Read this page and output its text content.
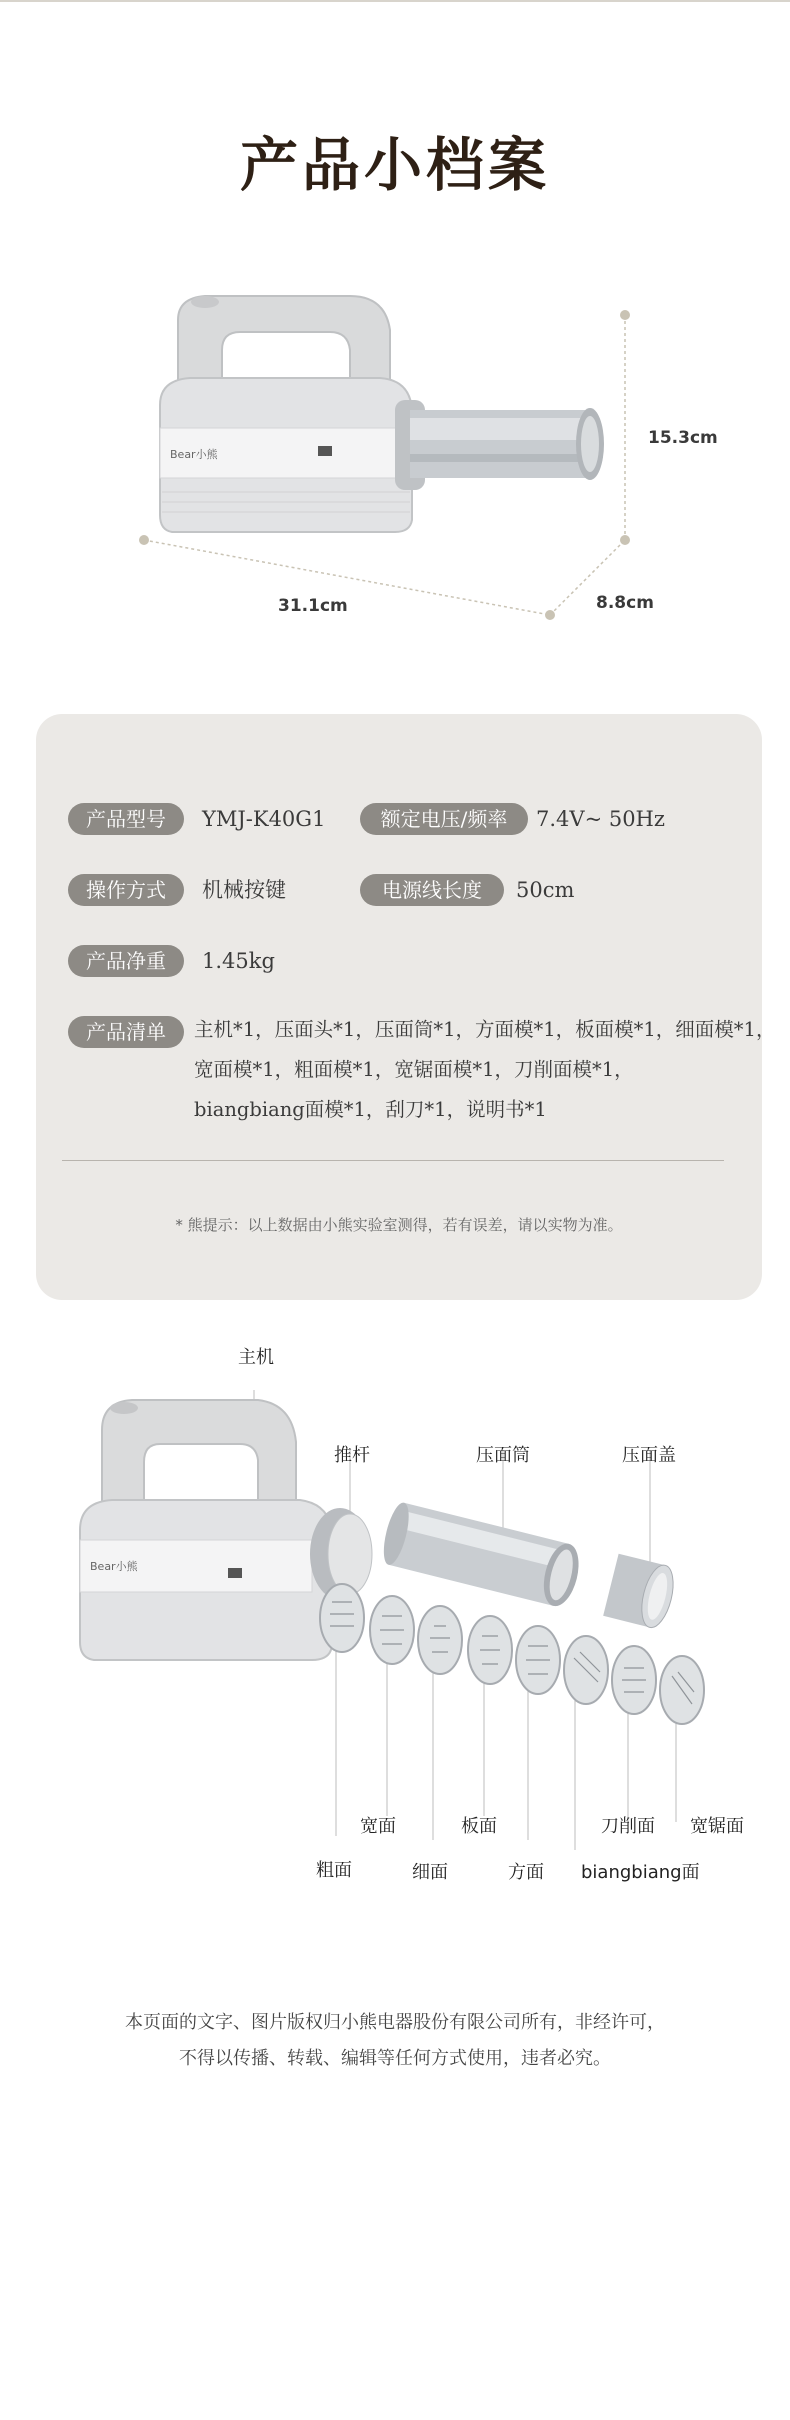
产品小档案
Bear小熊
15.3cm
31.1cm	8.8cm
产品型号	YMJ-K40G1	额定电压/频率	7.4V~ 50Hz
操作方式	机械按键	电源线长度	50cm
产品净重	1.45kg
产品清单	主机*1，压面头*1，压面筒*1，方面模*1，板面模*1，细面模*1，
宽面模*1，粗面模*1，宽锯面模*1，刀削面模*1，
biangbiang面模*1，刮刀*1，说明书*1
* 熊提示：以上数据由小熊实验室测得，若有误差，请以实物为准。
Bear小熊
主机
推杆	压面筒	压面盖
粗面
宽面
细面
板面
方面 biangbiang面
刀削面 宽锯面
本页面的文字、图片版权归小熊电器股份有限公司所有，非经许可，
不得以传播、转载、编辑等任何方式使用，违者必究。
